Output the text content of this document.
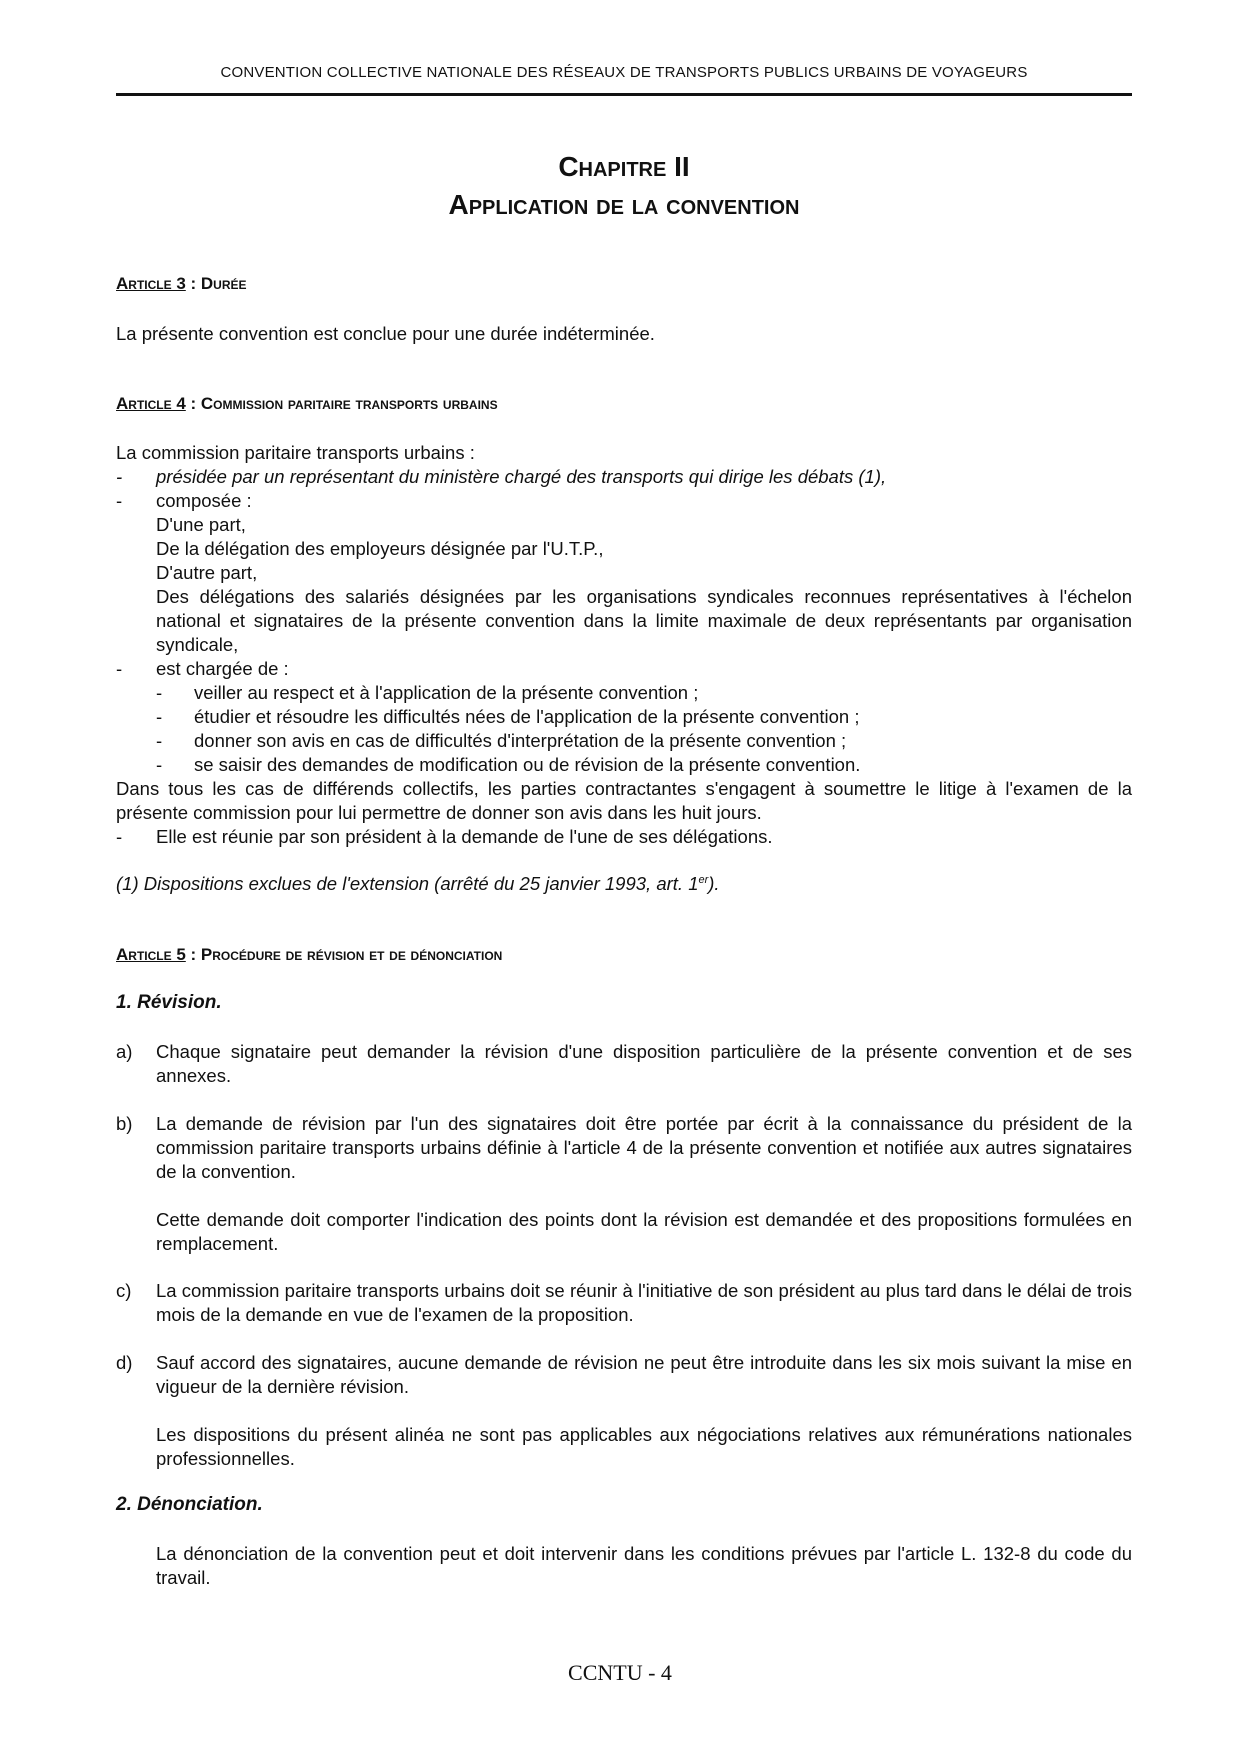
CONVENTION COLLECTIVE NATIONALE DES RÉSEAUX DE TRANSPORTS PUBLICS URBAINS DE VOYAGEURS
Chapitre II
Application de la convention
Article 3 : Durée
La présente convention est conclue pour une durée indéterminée.
Article 4 : Commission paritaire transports urbains
La commission paritaire transports urbains :
- présidée par un représentant du ministère chargé des transports qui dirige les débats (1),
- composée :
D'une part,
De la délégation des employeurs désignée par l'U.T.P.,
D'autre part,
Des délégations des salariés désignées par les organisations syndicales reconnues représentatives à l'échelon national et signataires de la présente convention dans la limite maximale de deux représentants par organisation syndicale,
- est chargée de :
- veiller au respect et à l'application de la présente convention ;
- étudier et résoudre les difficultés nées de l'application de la présente convention ;
- donner son avis en cas de difficultés d'interprétation de la présente convention ;
- se saisir des demandes de modification ou de révision de la présente convention.
Dans tous les cas de différends collectifs, les parties contractantes s'engagent à soumettre le litige à l'examen de la présente commission pour lui permettre de donner son avis dans les huit jours.
- Elle est réunie par son président à la demande de l'une de ses délégations.
(1) Dispositions exclues de l'extension (arrêté du 25 janvier 1993, art. 1er).
Article 5 : Procédure de révision et de dénonciation
1. Révision.
a) Chaque signataire peut demander la révision d'une disposition particulière de la présente convention et de ses annexes.
b) La demande de révision par l'un des signataires doit être portée par écrit à la connaissance du président de la commission paritaire transports urbains définie à l'article 4 de la présente convention et notifiée aux autres signataires de la convention.
Cette demande doit comporter l'indication des points dont la révision est demandée et des propositions formulées en remplacement.
c) La commission paritaire transports urbains doit se réunir à l'initiative de son président au plus tard dans le délai de trois mois de la demande en vue de l'examen de la proposition.
d) Sauf accord des signataires, aucune demande de révision ne peut être introduite dans les six mois suivant la mise en vigueur de la dernière révision.
Les dispositions du présent alinéa ne sont pas applicables aux négociations relatives aux rémunérations nationales professionnelles.
2. Dénonciation.
La dénonciation de la convention peut et doit intervenir dans les conditions prévues par l'article L. 132-8 du code du travail.
CCNTU - 4
